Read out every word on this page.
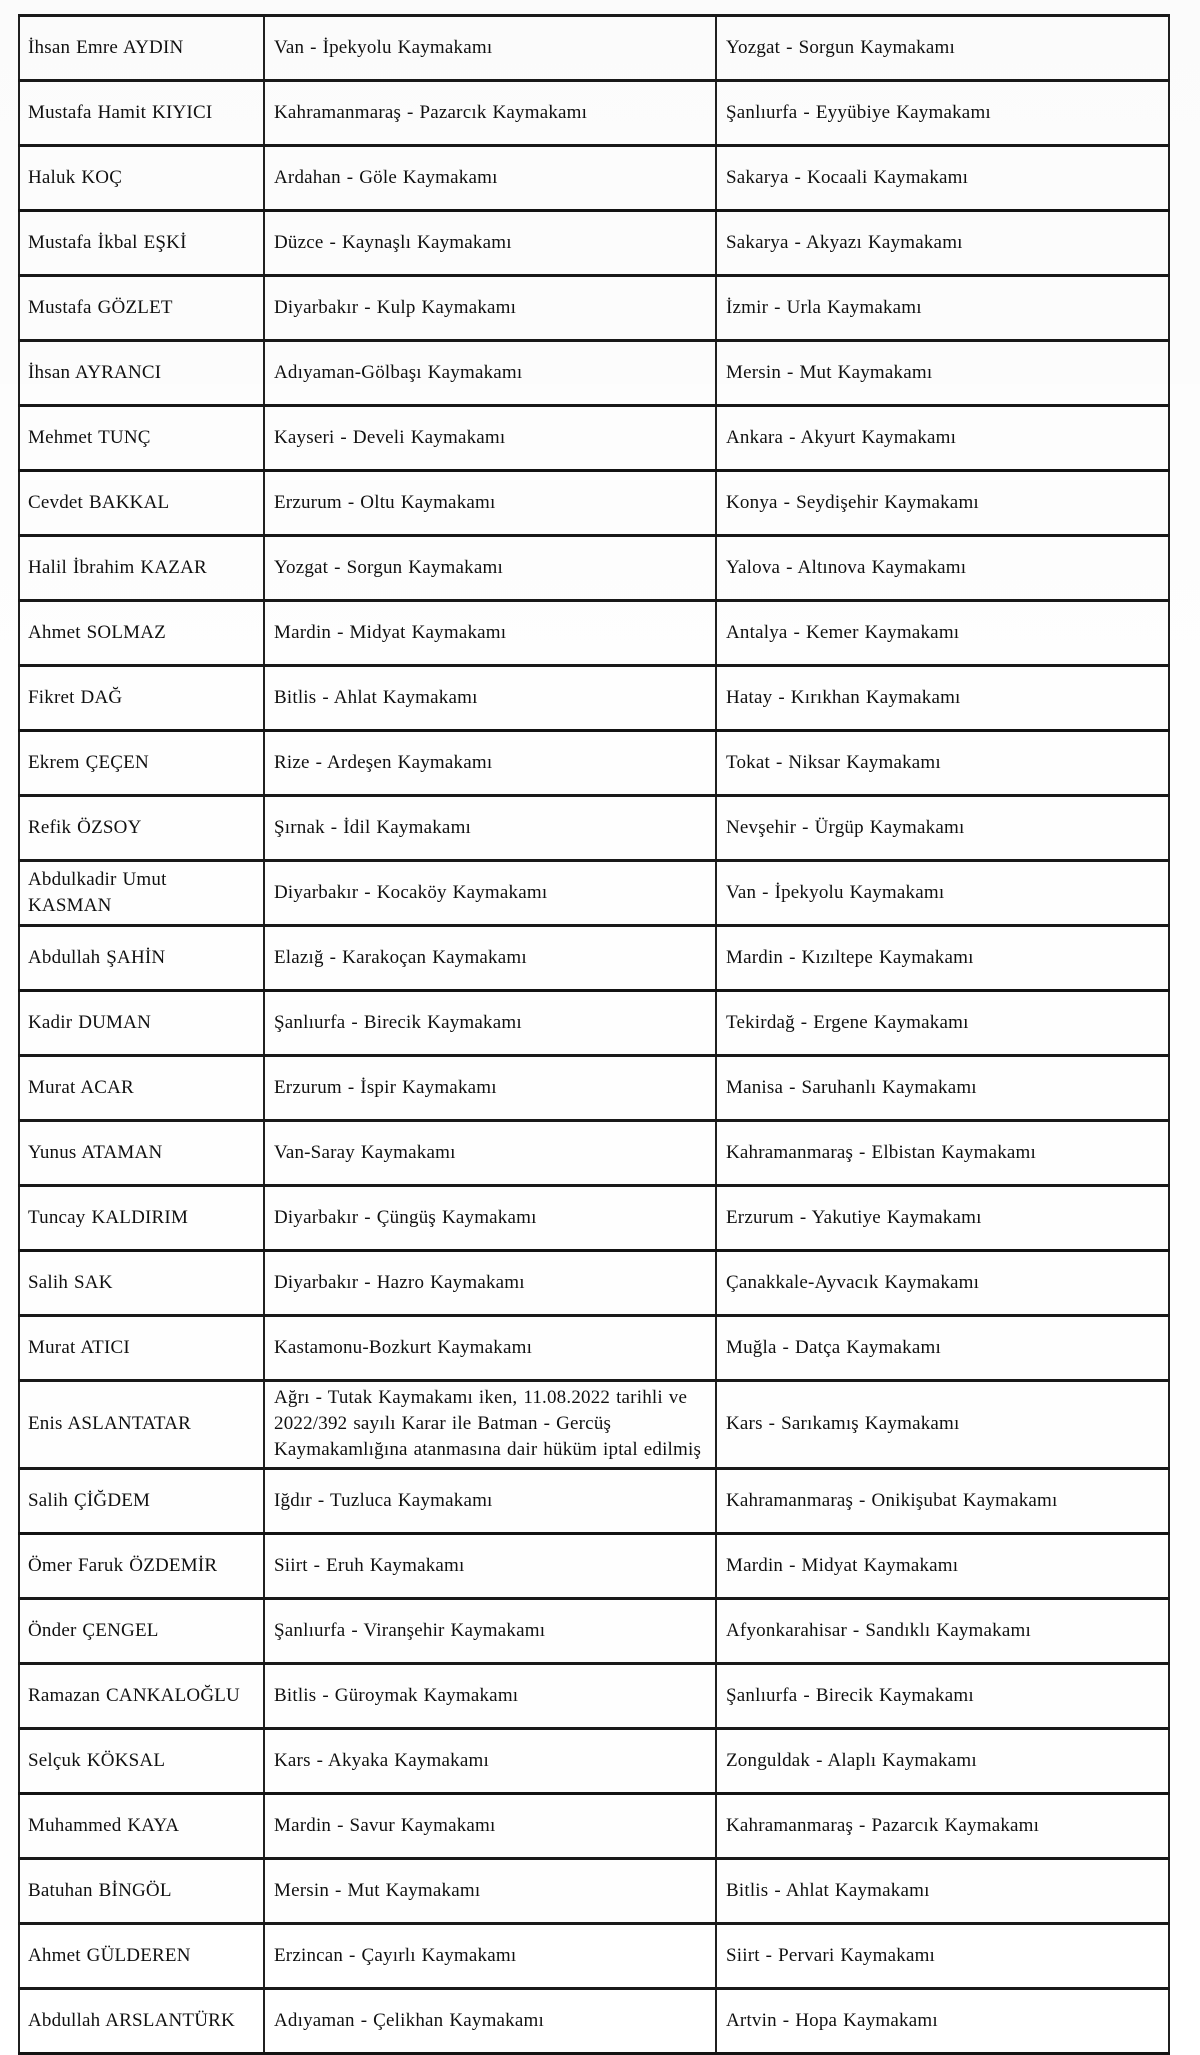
İhsan Emre AYDIN	Van - İpekyolu Kaymakamı	Yozgat - Sorgun Kaymakamı
Mustafa Hamit KIYICI	Kahramanmaraş - Pazarcık Kaymakamı	Şanlıurfa - Eyyübiye Kaymakamı
Haluk KOÇ	Ardahan - Göle Kaymakamı	Sakarya - Kocaali Kaymakamı
Mustafa İkbal EŞKİ	Düzce - Kaynaşlı Kaymakamı	Sakarya - Akyazı Kaymakamı
Mustafa GÖZLET	Diyarbakır - Kulp Kaymakamı	İzmir - Urla Kaymakamı
İhsan AYRANCI	Adıyaman-Gölbaşı Kaymakamı	Mersin - Mut Kaymakamı
Mehmet TUNÇ	Kayseri - Develi Kaymakamı	Ankara - Akyurt Kaymakamı
Cevdet BAKKAL	Erzurum - Oltu Kaymakamı	Konya - Seydişehir Kaymakamı
Halil İbrahim KAZAR	Yozgat - Sorgun Kaymakamı	Yalova - Altınova Kaymakamı
Ahmet SOLMAZ	Mardin - Midyat Kaymakamı	Antalya - Kemer Kaymakamı
Fikret DAĞ	Bitlis - Ahlat Kaymakamı	Hatay - Kırıkhan Kaymakamı
Ekrem ÇEÇEN	Rize - Ardeşen Kaymakamı	Tokat - Niksar Kaymakamı
Refik ÖZSOY	Şırnak - İdil Kaymakamı	Nevşehir - Ürgüp Kaymakamı
Abdulkadir Umut KASMAN	Diyarbakır - Kocaköy Kaymakamı	Van - İpekyolu Kaymakamı
Abdullah ŞAHİN	Elazığ - Karakoçan Kaymakamı	Mardin - Kızıltepe Kaymakamı
Kadir DUMAN	Şanlıurfa - Birecik Kaymakamı	Tekirdağ - Ergene Kaymakamı
Murat ACAR	Erzurum - İspir Kaymakamı	Manisa - Saruhanlı Kaymakamı
Yunus ATAMAN	Van-Saray Kaymakamı	Kahramanmaraş - Elbistan Kaymakamı
Tuncay KALDIRIM	Diyarbakır - Çüngüş Kaymakamı	Erzurum - Yakutiye Kaymakamı
Salih SAK	Diyarbakır - Hazro Kaymakamı	Çanakkale-Ayvacık Kaymakamı
Murat ATICI	Kastamonu-Bozkurt Kaymakamı	Muğla - Datça Kaymakamı
Enis ASLANTATAR	Ağrı - Tutak Kaymakamı iken, 11.08.2022 tarihli ve 2022/392 sayılı Karar ile Batman - Gercüş Kaymakamlığına atanmasına dair hüküm iptal edilmiş	Kars - Sarıkamış Kaymakamı
Salih ÇİĞDEM	Iğdır - Tuzluca Kaymakamı	Kahramanmaraş - Onikişubat Kaymakamı
Ömer Faruk ÖZDEMİR	Siirt - Eruh Kaymakamı	Mardin - Midyat Kaymakamı
Önder ÇENGEL	Şanlıurfa - Viranşehir Kaymakamı	Afyonkarahisar - Sandıklı Kaymakamı
Ramazan CANKALOĞLU	Bitlis - Güroymak Kaymakamı	Şanlıurfa - Birecik Kaymakamı
Selçuk KÖKSAL	Kars - Akyaka Kaymakamı	Zonguldak - Alaplı Kaymakamı
Muhammed KAYA	Mardin - Savur Kaymakamı	Kahramanmaraş - Pazarcık Kaymakamı
Batuhan BİNGÖL	Mersin - Mut Kaymakamı	Bitlis - Ahlat Kaymakamı
Ahmet GÜLDEREN	Erzincan - Çayırlı Kaymakamı	Siirt - Pervari Kaymakamı
Abdullah ARSLANTÜRK	Adıyaman - Çelikhan Kaymakamı	Artvin - Hopa Kaymakamı
